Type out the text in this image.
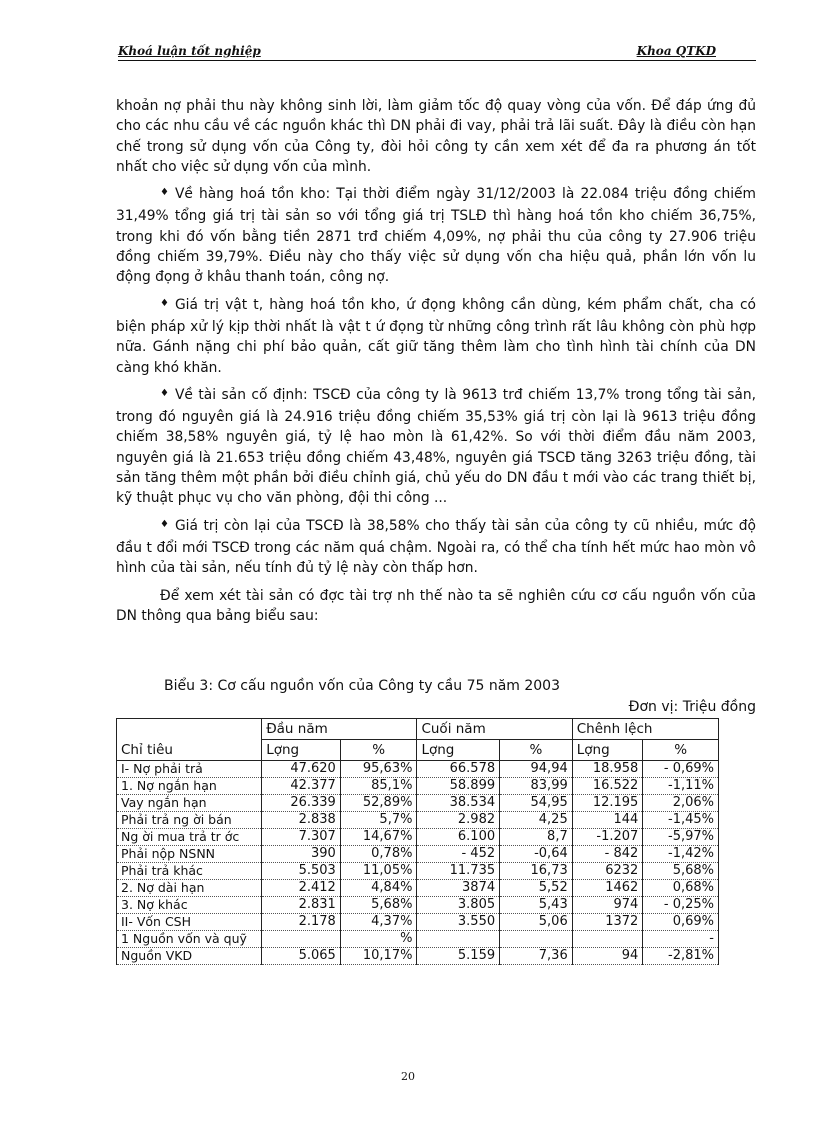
Khoá luận tốt nghiệp	Khoa QTKD

khoản nợ phải thu này không sinh lời, làm giảm tốc độ quay vòng của vốn. Để đáp ứng đủ cho các nhu cầu về các nguồn khác thì DN phải đi vay, phải trả lãi suất. Đây là điều còn hạn chế trong sử dụng vốn của Công ty, đòi hỏi công ty cần xem xét để đa ra phương án tốt nhất cho việc sử dụng vốn của mình.

♦ Về hàng hoá tồn kho: Tại thời điểm ngày 31/12/2003 là 22.084 triệu đồng chiếm 31,49% tổng giá trị tài sản so với tổng giá trị TSLĐ thì hàng hoá tồn kho chiếm 36,75%, trong khi đó vốn bằng tiền 2871 trđ chiếm 4,09%, nợ phải thu của công ty 27.906 triệu đồng chiếm 39,79%. Điều này cho thấy việc sử dụng vốn cha hiệu quả, phần lớn vốn lu động đọng ở khâu thanh toán, công nợ.

♦ Giá trị vật t, hàng hoá tồn kho, ứ đọng không cần dùng, kém phẩm chất, cha có biện pháp xử lý kịp thời nhất là vật t ứ đọng từ những công trình rất lâu không còn phù hợp nữa. Gánh nặng chi phí bảo quản, cất giữ tăng thêm làm cho tình hình tài chính của DN càng khó khăn.

♦ Về tài sản cố định: TSCĐ của công ty là 9613 trđ chiếm 13,7% trong tổng tài sản, trong đó nguyên giá là 24.916 triệu đồng chiếm 35,53% giá trị còn lại là 9613 triệu đồng chiếm 38,58% nguyên giá, tỷ lệ hao mòn là 61,42%. So với thời điểm đầu năm 2003, nguyên giá là 21.653 triệu đồng chiếm 43,48%, nguyên giá TSCĐ tăng 3263 triệu đồng, tài sản tăng thêm một phần bởi điều chỉnh giá, chủ yếu do DN đầu t mới vào các trang thiết bị, kỹ thuật phục vụ cho văn phòng, đội thi công ...

♦ Giá trị còn lại của TSCĐ là 38,58% cho thấy tài sản của công ty cũ nhiều, mức độ đầu t đổi mới TSCĐ trong các năm quá chậm. Ngoài ra, có thể cha tính hết mức hao mòn vô hình của tài sản, nếu tính đủ tỷ lệ này còn thấp hơn.

Để xem xét tài sản có đợc tài trợ nh thế nào ta sẽ nghiên cứu cơ cấu nguồn vốn của DN thông qua bảng biểu sau:

Biểu 3: Cơ cấu nguồn vốn của Công ty cầu 75 năm 2003
Đơn vị: Triệu đồng
Chỉ tiêu	Đầu năm		Cuối năm		Chênh lệch	
	Lợng	%	Lợng	%	Lợng	%
I- Nợ phải trả	47.620	95,63%	66.578	94,94	18.958	- 0,69%
1. Nợ ngắn hạn	42.377	85,1%	58.899	83,99	16.522	-1,11%
Vay ngắn hạn	26.339	52,89%	38.534	54,95	12.195	2,06%
Phải trả ng ời bán	2.838	5,7%	2.982	4,25	144	-1,45%
Ng ời mua trả tr ớc	7.307	14,67%	6.100	8,7	-1.207	-5,97%
Phải nộp NSNN	390	0,78%	- 452	-0,64	- 842	-1,42%
Phải trả khác	5.503	11,05%	11.735	16,73	6232	5,68%
2. Nợ dài hạn	2.412	4,84%	3874	5,52	1462	0,68%
3. Nợ khác	2.831	5,68%	3.805	5,43	974	- 0,25%
II- Vốn CSH	2.178	4,37%	3.550	5,06	1372	0,69%
1 Nguồn vốn và quỹ		%				-
Nguồn VKD	5.065	10,17%	5.159	7,36	94	-2,81%
20
